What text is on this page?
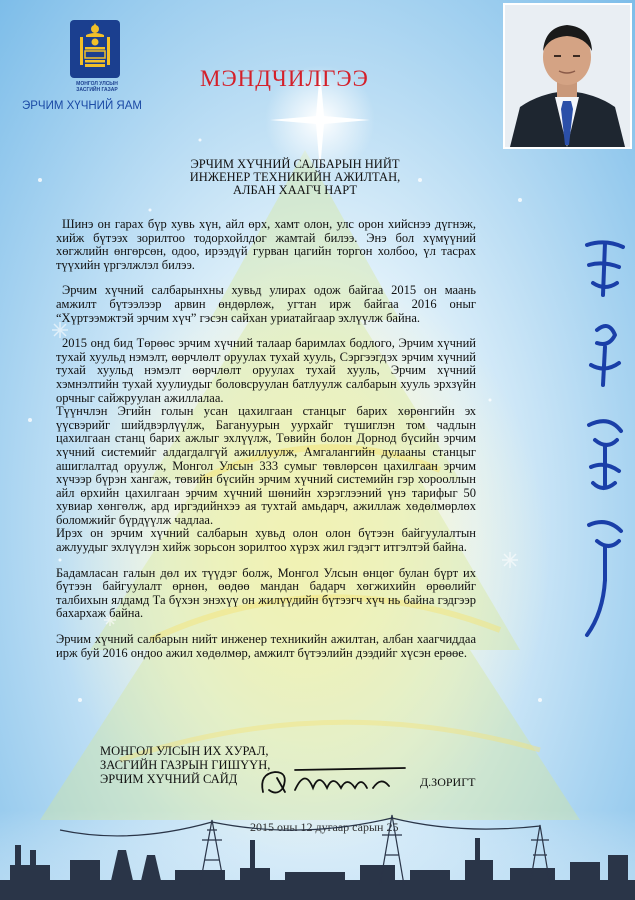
МОНГОЛ УЛСЫН
ЗАСГИЙН ГАЗАР
ЭРЧИМ ХҮЧНИЙ ЯАМ
МЭНДЧИЛГЭЭ
ЭРЧИМ ХҮЧНИЙ САЛБАРЫН НИЙТ
ИНЖЕНЕР ТЕХНИКИЙН АЖИЛТАН,
АЛБАН ХААГЧ НАРТ

Шинэ он гарах бүр хувь хүн, айл өрх, хамт олон, улс орон хийснээ дүгнэж, хийж бүтээх зорилтоо тодорхойлдог жамтай билээ. Энэ бол хүмүүний хөгжлийн өнгөрсөн, одоо, ирээдүй гурван цагийн торгон холбоо, үл тасрах түүхийн үргэлжлэл билээ.

Эрчим хүчний салбарынхны хувьд улирах одож байгаа 2015 он маань амжилт бүтээлээр арвин өндөрлөж, угтан ирж байгаа 2016 оныг “Хүртээмжтэй эрчим хүч” гэсэн сайхан уриатайгаар эхлүүлж байна.

2015 онд бид Төрөөс эрчим хүчний талаар баримлах бодлого, Эрчим хүчний тухай хуульд нэмэлт, өөрчлөлт оруулах тухай хууль, Сэргээгдэх эрчим хүчний тухай хуульд нэмэлт өөрчлөлт оруулах тухай хууль, Эрчим хүчний хэмнэлтийн тухай хуулиудыг боловсруулан батлуулж салбарын хууль эрхзүйн орчныг сайжруулан ажиллалаа.

Түүнчлэн Эгийн голын усан цахилгаан станцыг барих хөрөнгийн эх үүсвэрийг шийдвэрлүүлж, Багануурын уурхайг түшиглэн том чадлын цахилгаан станц барих ажлыг эхлүүлж, Төвийн болон Дорнод бүсийн эрчим хүчний системийг алдагдалгүй ажиллуулж, Амгалангийн дулааны станцыг ашиглалтад оруулж, Монгол Улсын 333 сумыг төвлөрсөн цахилгаан эрчим хүчээр бүрэн хангаж, төвийн бүсийн эрчим хүчний системийн гэр хорооллын айл өрхийн цахилгаан эрчим хүчний шөнийн хэрэглээний үнэ тарифыг 50 хувиар хөнгөлж, ард иргэдийнхээ ая тухтай амьдарч, ажиллаж хөдөлмөрлөх боломжийг бүрдүүлж чадлаа.

Ирэх он эрчим хүчний салбарын хувьд олон олон бүтээн байгуулалтын ажлуудыг эхлүүлэн хийж зорьсон зорилтоо хүрэх жил гэдэгт итгэлтэй байна.

Бадамласан галын дөл их түүдэг болж, Монгол Улсын өнцөг булан бүрт их бүтээн байгуулалт өрнөн, өөдөө мандан бадарч хөгжихийн өрөөлийг талбихын ялдамд Та бүхэн энэхүү он жилүүдийн бүтээгч хүч нь байна гэдгээр бахархаж байна.

Эрчим хүчний салбарын нийт инженер техникийн ажилтан, албан хаагчиддаа ирж буй 2016 ондоо ажил хөдөлмөр, амжилт бүтээлийн дээдийг хүсэн ерөөе.

МОНГОЛ УЛСЫН ИХ ХУРАЛ,
ЗАСГИЙН ГАЗРЫН ГИШҮҮН,
ЭРЧИМ ХҮЧНИЙ САЙД	Д.ЗОРИГТ
